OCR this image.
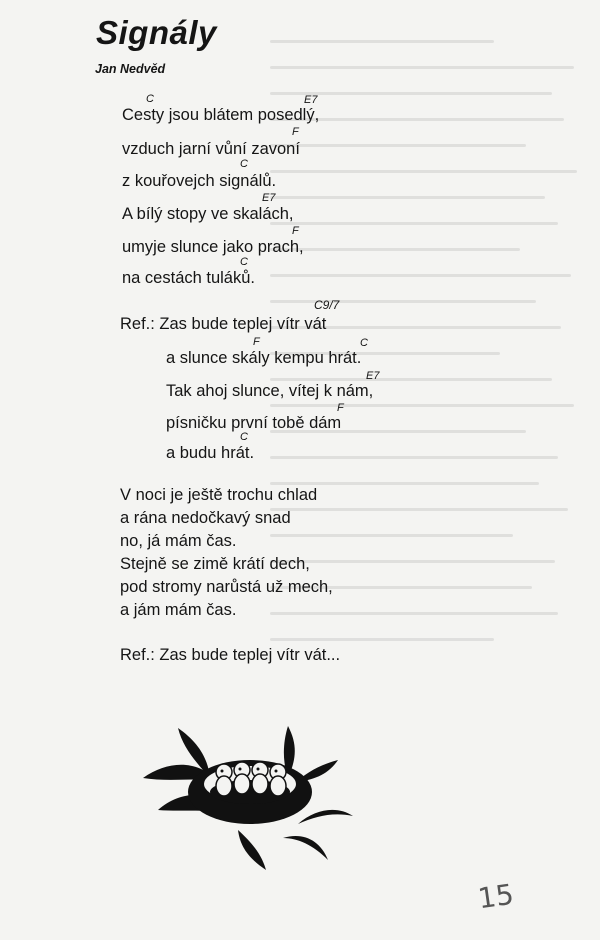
Signály
Jan Nedvěd
Cesty jsou blátem posedlý,
C	E7
vzduch jarní vůní zavoní
F
z kouřovejch signálů.
C
A bílý stopy ve skalách,
E7
umyje slunce jako prach,
F
na cestách tuláků.
C
Ref.: Zas bude teplej vítr vát
C9/7
a slunce skály kempu hrát.
F	C
Tak ahoj slunce, vítej k nám,
E7
písničku první tobě dám
F
a budu hrát.
C
V noci je ještě trochu chlad
a rána nedočkavý snad
no, já mám čas.
Stejně se zimě krátí dech,
pod stromy narůstá už mech,
a jám mám čas.
Ref.: Zas bude teplej vítr vát...
15
